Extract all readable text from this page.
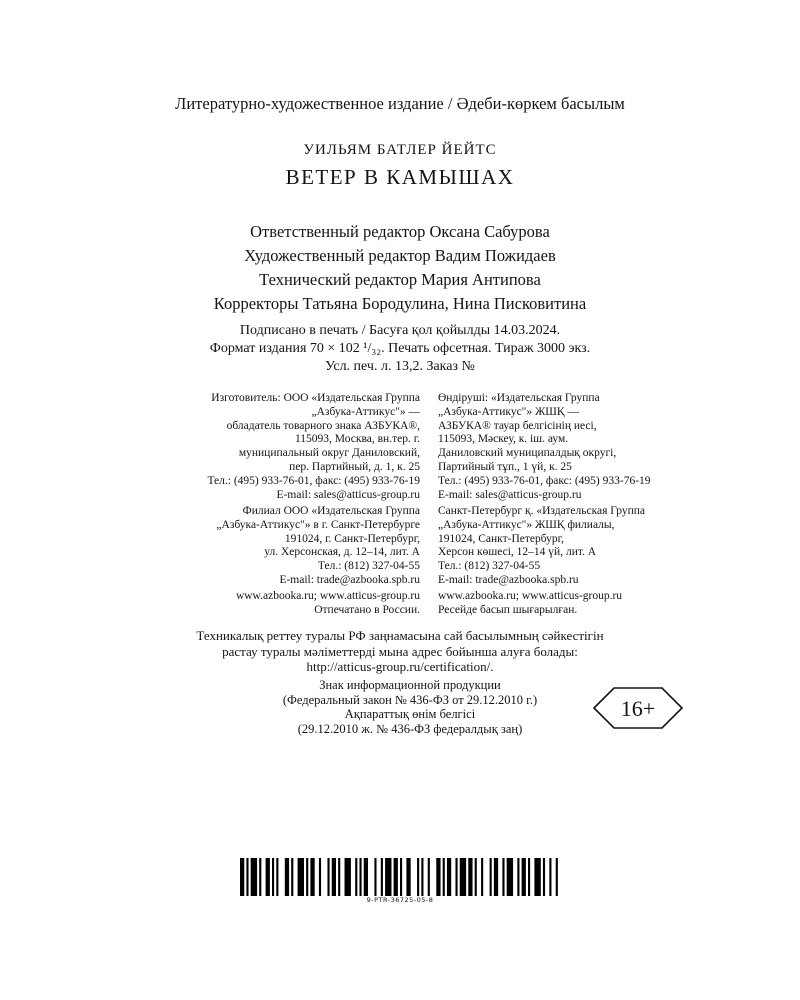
Литературно-художественное издание / Әдеби-көркем басылым
УИЛЬЯМ БАТЛЕР ЙЕЙТС
ВЕТЕР В КАМЫШАХ
Ответственный редактор Оксана Сабурова
Художественный редактор Вадим Пожидаев
Технический редактор Мария Антипова
Корректоры Татьяна Бородулина, Нина Писковитина
Подписано в печать / Басуға қол қойылды 14.03.2024.
Формат издания 70 × 102 ¹/₃₂. Печать офсетная. Тираж 3000 экз.
Усл. печ. л. 13,2. Заказ №
Изготовитель: ООО «Издательская Группа
„Азбука-Аттикус"» —
обладатель товарного знака АЗБУКА®,
115093, Москва, вн.тер. г.
муниципальный округ Даниловский,
пер. Партийный, д. 1, к. 25
Тел.: (495) 933-76-01, факс: (495) 933-76-19
E-mail: sales@atticus-group.ru
Өндіруші: «Издательская Группа
„Азбука-Аттикус"» ЖШҚ —
АЗБУКА® тауар белгісінің иесі,
115093, Мәскеу, к. іш. аум.
Даниловский муниципалдық округі,
Партийный тұп., 1 үй, к. 25
Тел.: (495) 933-76-01, факс: (495) 933-76-19
E-mail: sales@atticus-group.ru
Филиал ООО «Издательская Группа
„Азбука-Аттикус"» в г. Санкт-Петербурге
191024, г. Санкт-Петербург,
ул. Херсонская, д. 12–14, лит. А
Тел.: (812) 327-04-55
E-mail: trade@azbooka.spb.ru
Санкт-Петербург қ. «Издательская Группа
„Азбука-Аттикус"» ЖШҚ филиалы,
191024, Санкт-Петербург,
Херсон көшесі, 12–14 үй, лит. А
Тел.: (812) 327-04-55
E-mail: trade@azbooka.spb.ru
www.azbooka.ru; www.atticus-group.ru
Отпечатано в России.
www.azbooka.ru; www.atticus-group.ru
Ресейде басып шығарылған.
Техникалық реттеу туралы РФ заңнамасына сай басылымның сәйкестігін
растау туралы мәліметтерді мына адрес бойынша алуға болады:
http://atticus-group.ru/certification/.
Знак информационной продукции
(Федеральный закон № 436-ФЗ от 29.12.2010 г.)
Ақпараттық өнім белгісі
(29.12.2010 ж. № 436-ФЗ федералдық заң)
16+
9-PTR-36725-05-8
